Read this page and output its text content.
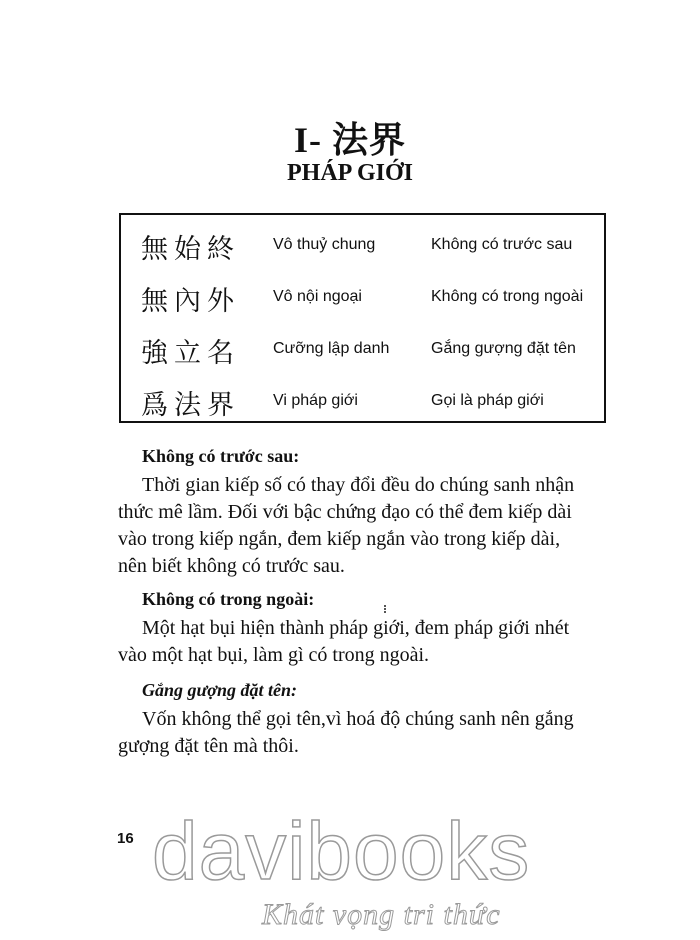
I- 法界
PHÁP GIỚI
無始終 Vô thuỷ chung	Không có trước sau
無內外 Vô nội ngoại	Không có trong ngoài
強立名 Cưỡng lập danh	Gắng gượng đặt tên
爲法界 Vi pháp giới	Gọi là pháp giới
Không có trước sau:
Thời gian kiếp số có thay đổi đều do chúng sanh nhận
thức mê lầm. Đối với bậc chứng đạo có thể đem kiếp dài
vào trong kiếp ngắn, đem kiếp ngắn vào trong kiếp dài,
nên biết không có trước sau.
Không có trong ngoài:
Một hạt bụi hiện thành pháp giới, đem pháp giới nhét
vào một hạt bụi, làm gì có trong ngoài.
Gắng gượng đặt tên:
Vốn không thể gọi tên,vì hoá độ chúng sanh nên gắng
gượng đặt tên mà thôi.
16 davibooks
Khát vọng tri thức
